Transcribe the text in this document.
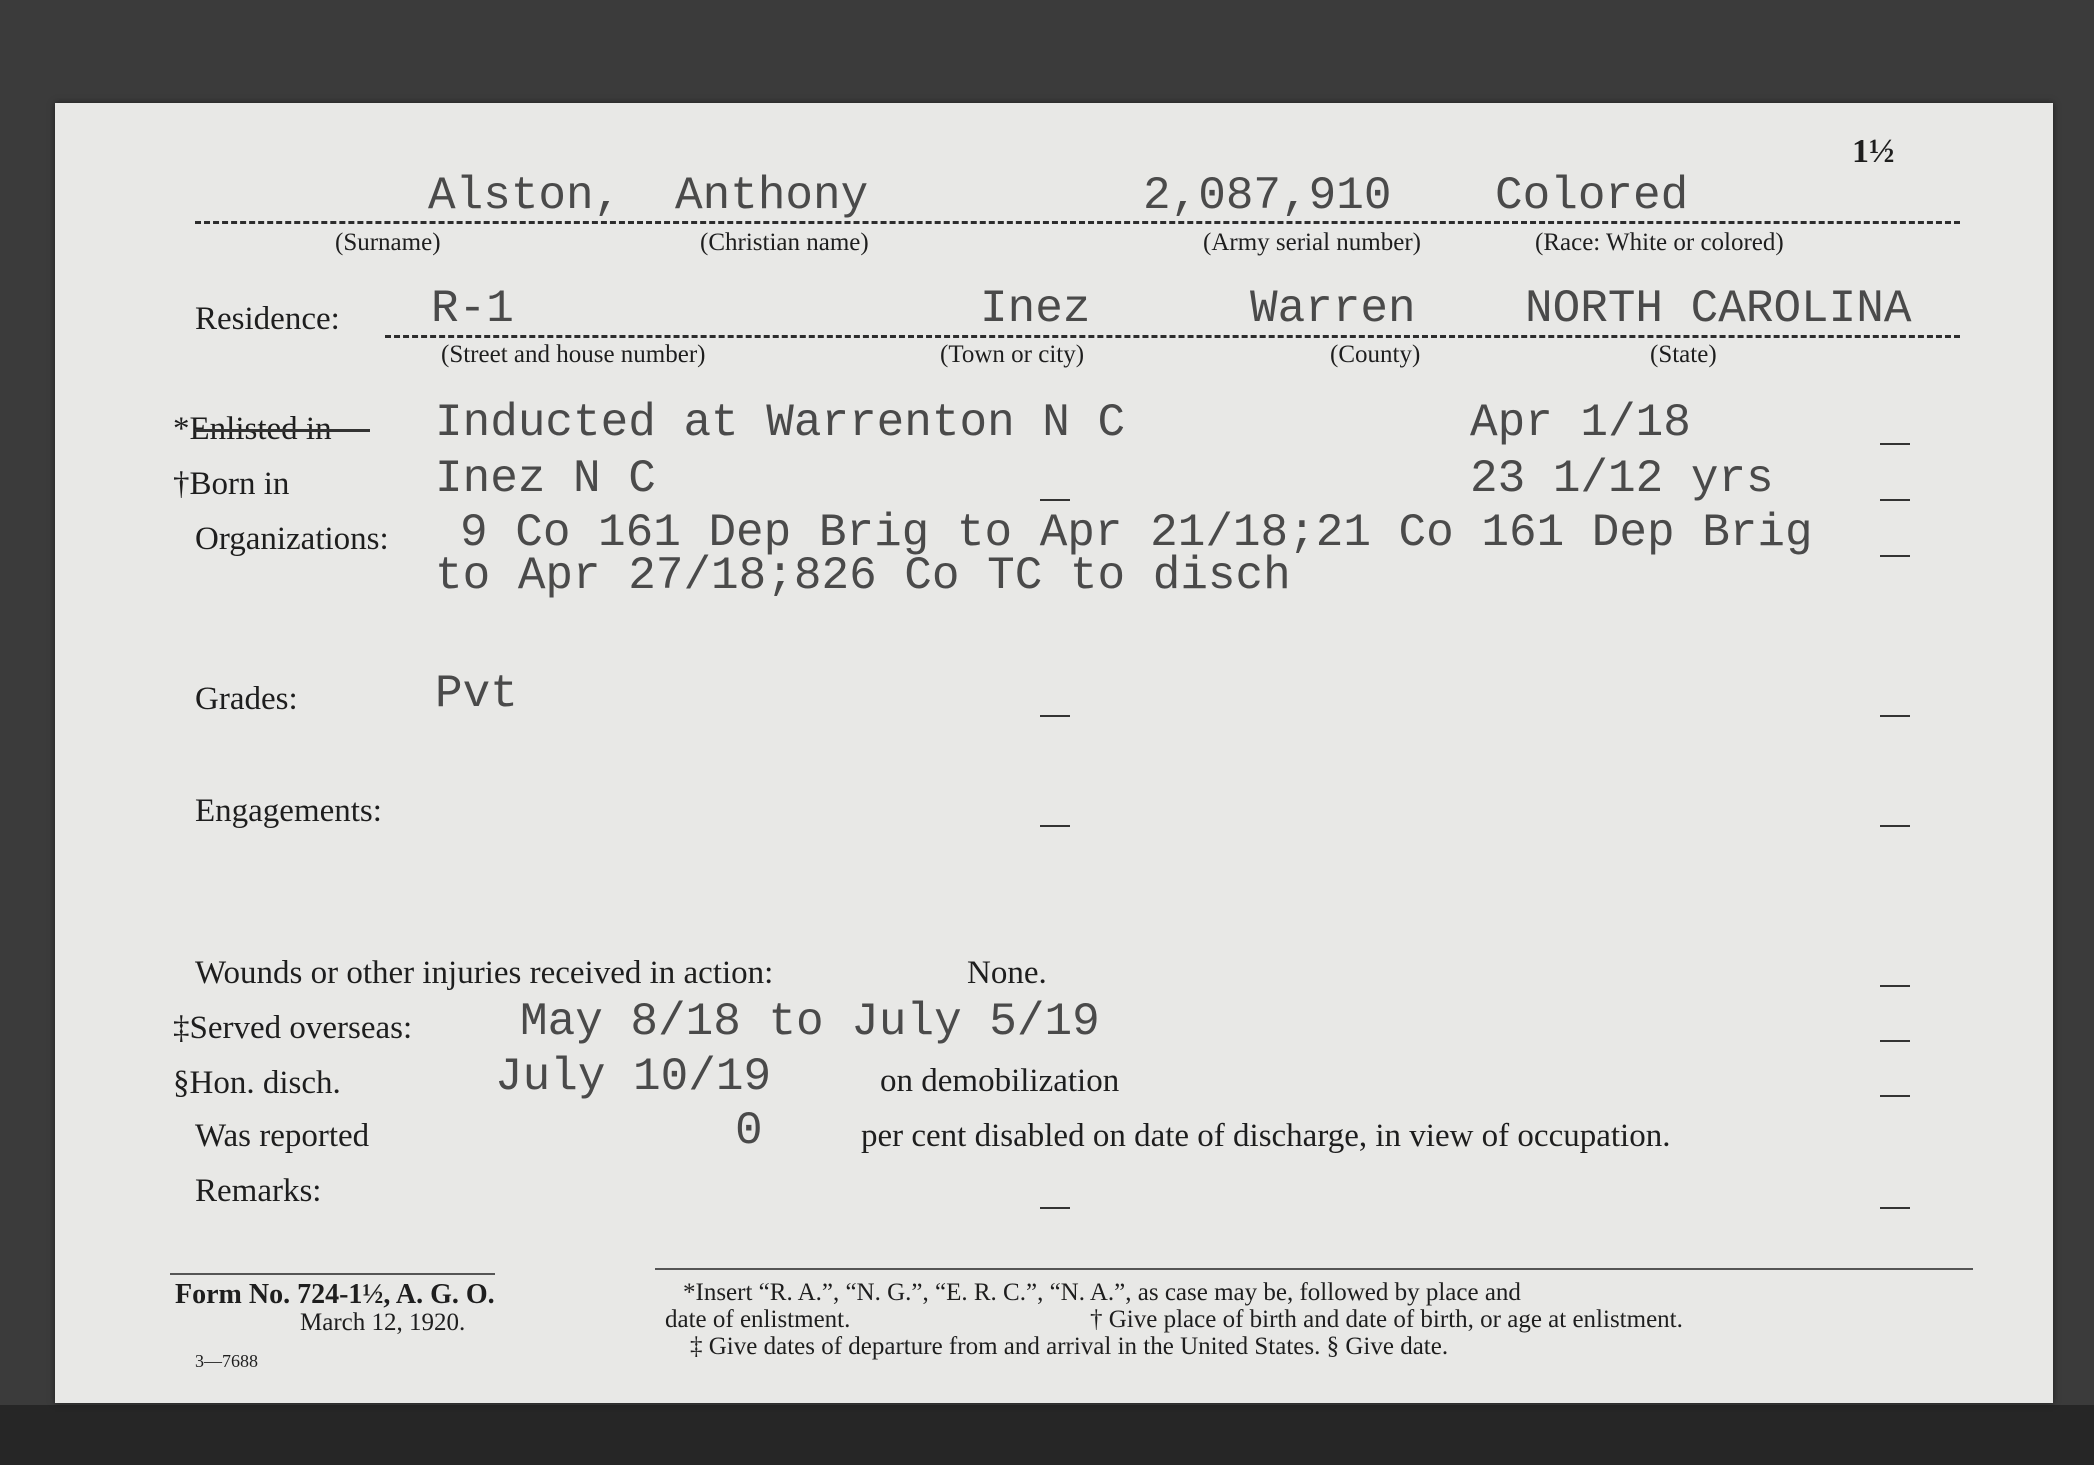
1½
Alston, Anthony	2,087,910 Colored
(Surname)	(Christian name)	(Army serial number)	(Race: White or colored)
Residence: R-1	Inez	Warren NORTH CAROLINA
(Street and house number)	(Town or city)	(County)	(State)
*Enlisted in Inducted at Warrenton N C	Apr 1/18
†Born in	Inez N C	23 1/12 yrs
Organizations: 9 Co 161 Dep Brig to Apr 21/18;21 Co 161 Dep Brig
to Apr 27/18;826 Co TC to disch
Grades:	Pvt
Engagements:
Wounds or other injuries received in action:	None.
‡Served overseas: May 8/18 to July 5/19
§Hon. disch.	July 10/19	on demobilization
Was reported	0	per cent disabled on date of discharge, in view of occupation.
Remarks:
Form No. 724-1½, A. G. O.
March 12, 1920.
3—7688
*Insert “R. A.”, “N. G.”, “E. R. C.”, “N. A.”, as case may be, followed by place and
date of enlistment.	† Give place of birth and date of birth, or age at enlistment.
‡ Give dates of departure from and arrival in the United States. § Give date.
